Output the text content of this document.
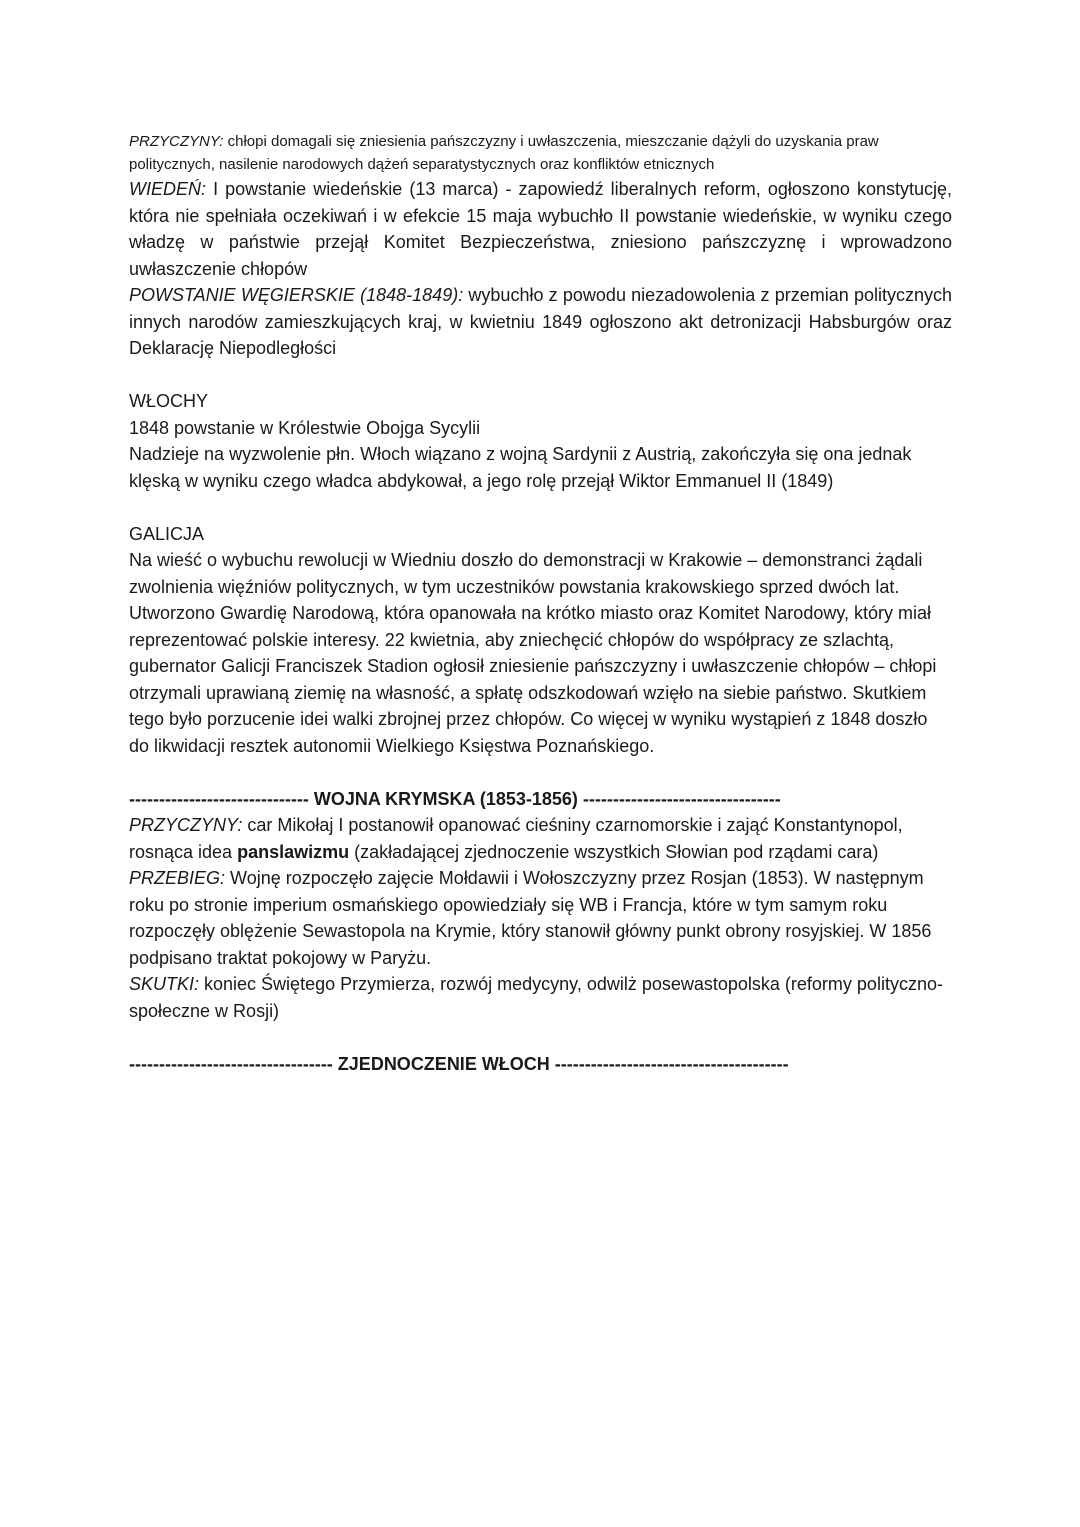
PRZYCZYNY: chłopi domagali się zniesienia pańszczyzny i uwłaszczenia, mieszczanie dążyli do uzyskania praw politycznych, nasilenie narodowych dążeń separatystycznych oraz konfliktów etnicznych

WIEDEŃ: I powstanie wiedeńskie (13 marca) - zapowiedź liberalnych reform, ogłoszono konstytucję, która nie spełniała oczekiwań i w efekcie 15 maja wybuchło II powstanie wiedeńskie, w wyniku czego władzę w państwie przejął Komitet Bezpieczeństwa, zniesiono pańszczyznę i wprowadzono uwłaszczenie chłopów

POWSTANIE WĘGIERSKIE (1848-1849): wybuchło z powodu niezadowolenia z przemian politycznych innych narodów zamieszkujących kraj, w kwietniu 1849 ogłoszono akt detronizacji Habsburgów oraz Deklarację Niepodległości

WŁOCHY

1848 powstanie w Królestwie Obojga Sycylii

Nadzieje na wyzwolenie płn. Włoch wiązano z wojną Sardynii z Austrią, zakończyła się ona jednak klęską w wyniku czego władca abdykował, a jego rolę przejął Wiktor Emmanuel II (1849)

GALICJA

Na wieść o wybuchu rewolucji w Wiedniu doszło do demonstracji w Krakowie – demonstranci żądali zwolnienia więźniów politycznych, w tym uczestników powstania krakowskiego sprzed dwóch lat. Utworzono Gwardię Narodową, która opanowała na krótko miasto oraz Komitet Narodowy, który miał reprezentować polskie interesy. 22 kwietnia, aby zniechęcić chłopów do współpracy ze szlachtą, gubernator Galicji Franciszek Stadion ogłosił zniesienie pańszczyzny i uwłaszczenie chłopów – chłopi otrzymali uprawianą ziemię na własność, a spłatę odszkodowań wzięło na siebie państwo. Skutkiem tego było porzucenie idei walki zbrojnej przez chłopów. Co więcej w wyniku wystąpień z 1848 doszło do likwidacji resztek autonomii Wielkiego Księstwa Poznańskiego.

------------------------------ WOJNA KRYMSKA (1853-1856) ---------------------------------

PRZYCZYNY: car Mikołaj I postanowił opanować cieśniny czarnomorskie i zająć Konstantynopol, rosnąca idea panslawizmu (zakładającej zjednoczenie wszystkich Słowian pod rządami cara)

PRZEBIEG: Wojnę rozpoczęło zajęcie Mołdawii i Wołoszczyzny przez Rosjan (1853). W następnym roku po stronie imperium osmańskiego opowiedziały się WB i Francja, które w tym samym roku rozpoczęły oblężenie Sewastopola na Krymie, który stanowił główny punkt obrony rosyjskiej. W 1856 podpisano traktat pokojowy w Paryżu.

SKUTKI: koniec Świętego Przymierza, rozwój medycyny, odwilż posewastopolska (reformy polityczno-społeczne w Rosji)

---------------------------------- ZJEDNOCZENIE WŁOCH ---------------------------------------
